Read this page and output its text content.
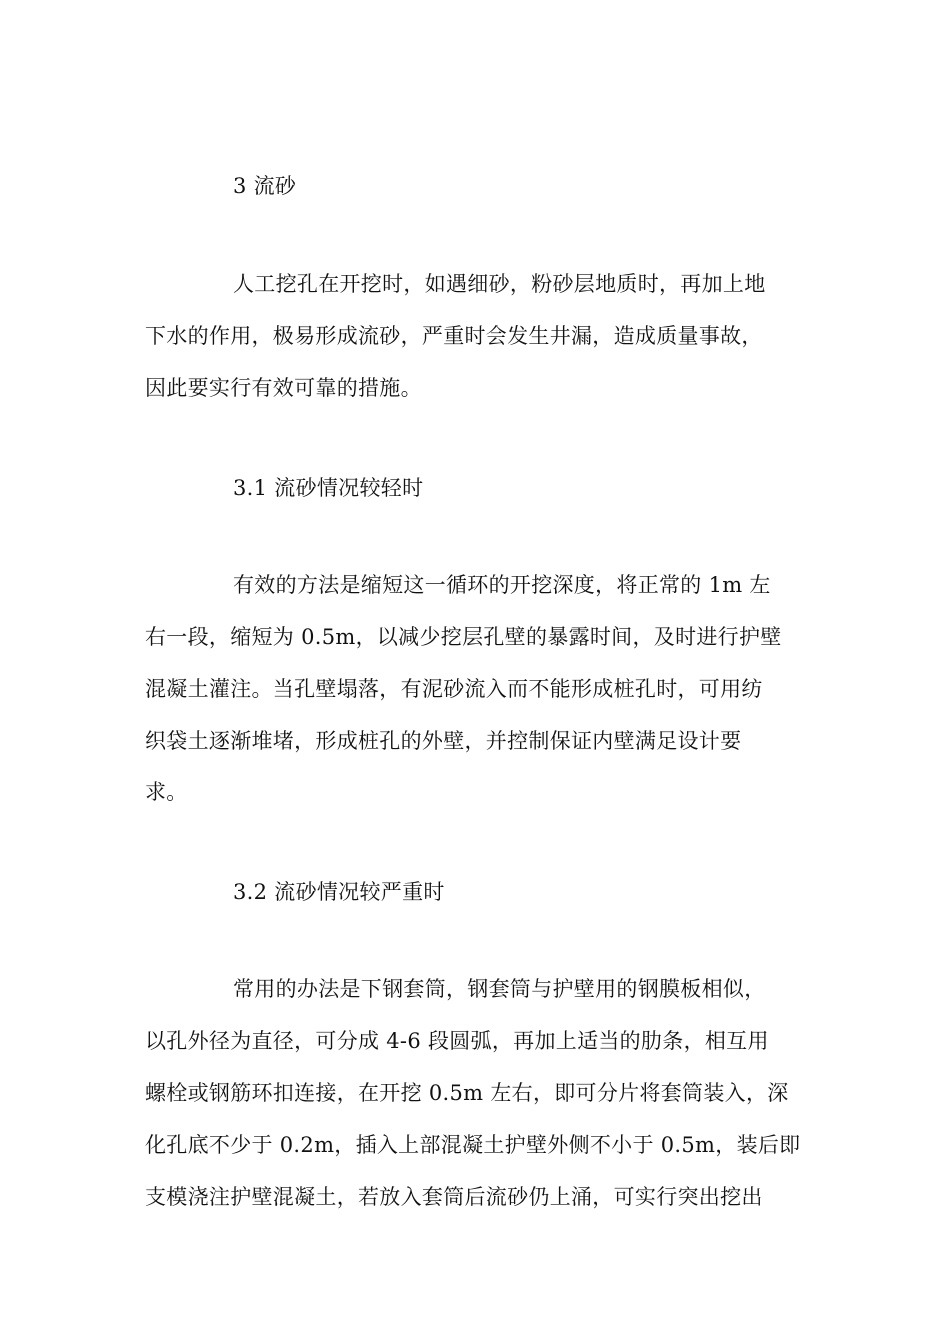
3 流砂
人工挖孔在开挖时，如遇细砂，粉砂层地质时，再加上地
下水的作用，极易形成流砂，严重时会发生井漏，造成质量事故，
因此要实行有效可靠的措施。
3.1 流砂情况较轻时
有效的方法是缩短这一循环的开挖深度，将正常的 1m 左
右一段，缩短为 0.5m，以减少挖层孔壁的暴露时间，及时进行护壁
混凝土灌注。当孔壁塌落，有泥砂流入而不能形成桩孔时，可用纺
织袋土逐渐堆堵，形成桩孔的外壁，并控制保证内壁满足设计要
求。
3.2 流砂情况较严重时
常用的办法是下钢套筒，钢套筒与护壁用的钢膜板相似，
以孔外径为直径，可分成 4-6 段圆弧，再加上适当的肋条，相互用
螺栓或钢筋环扣连接，在开挖 0.5m 左右，即可分片将套筒装入，深
化孔底不少于 0.2m，插入上部混凝土护壁外侧不小于 0.5m，装后即
支模浇注护壁混凝土，若放入套筒后流砂仍上涌，可实行突出挖出
